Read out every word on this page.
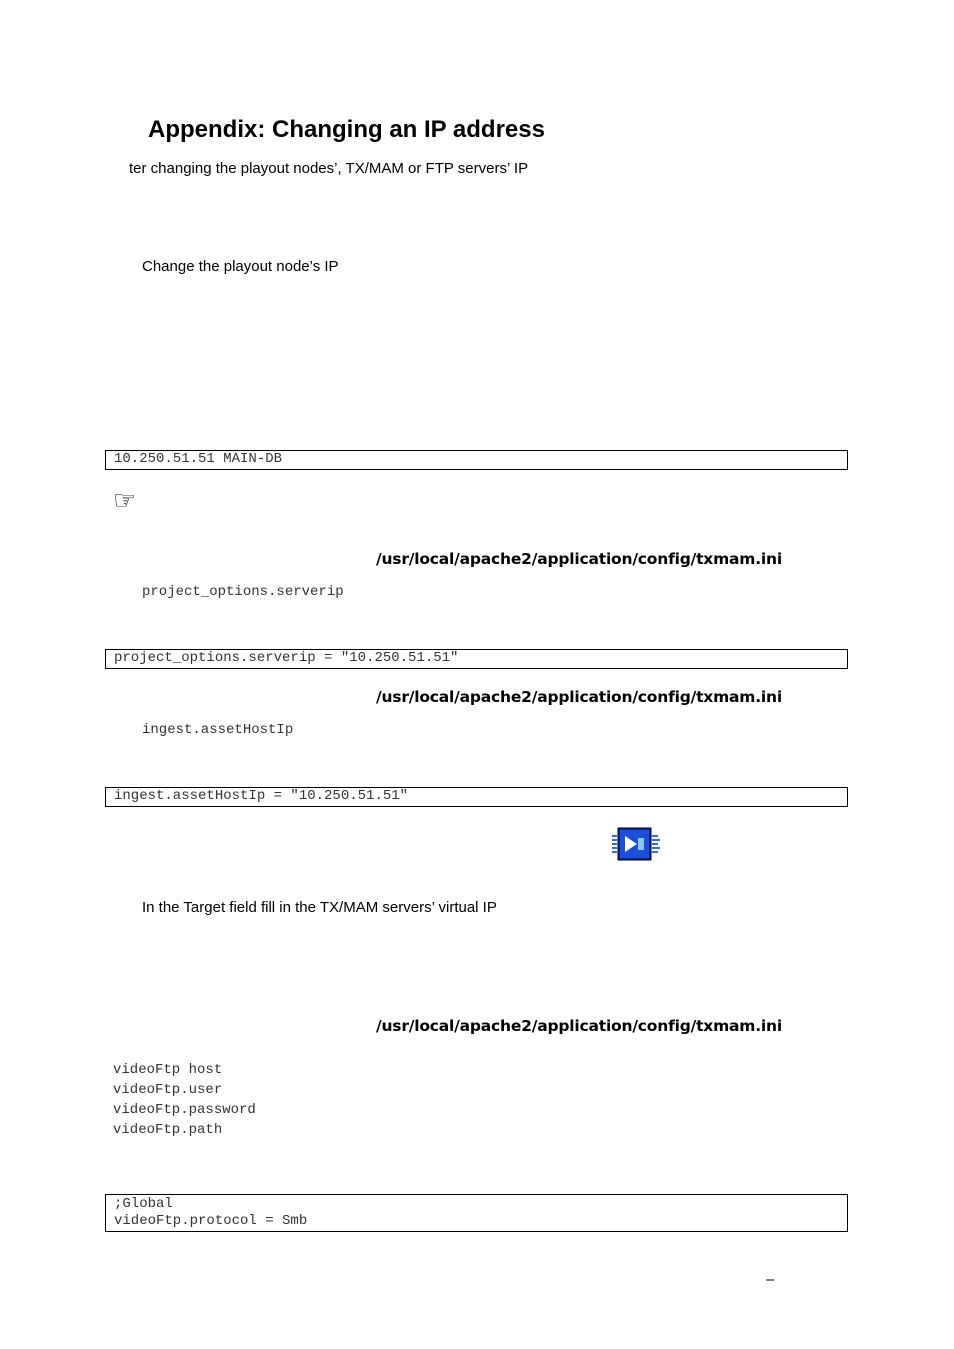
Appendix: Changing an IP address
ter changing the playout nodes’, TX/MAM or FTP servers’ IP
Change the playout node’s IP
10.250.51.51 MAIN-DB
☞
/usr/local/apache2/application/config/txmam.ini
project_options.serverip
project_options.serverip = "10.250.51.51"
/usr/local/apache2/application/config/txmam.ini
ingest.assetHostIp
ingest.assetHostIp = "10.250.51.51"
In the Target field fill in the TX/MAM servers’ virtual IP
/usr/local/apache2/application/config/txmam.ini
videoFtp host
videoFtp.user
videoFtp.password
videoFtp.path
;Global
videoFtp.protocol = Smb
–
